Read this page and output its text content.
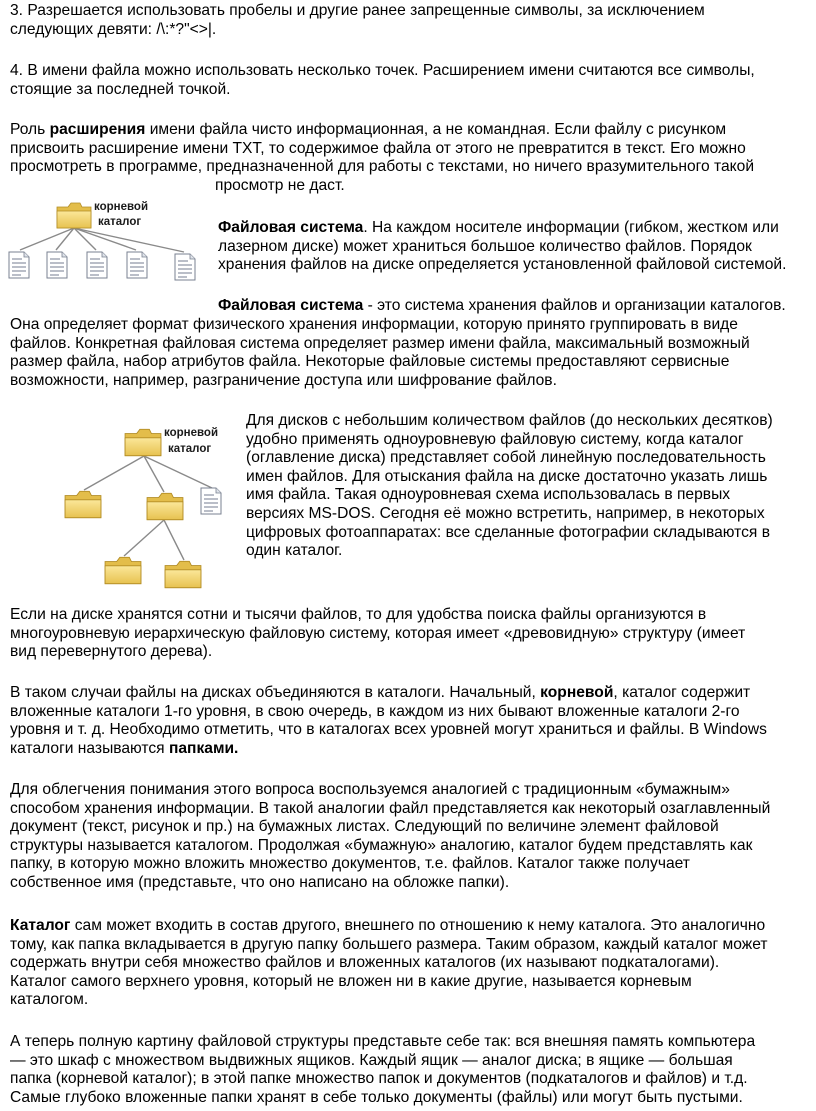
3. Разрешается использовать пробелы и другие ранее запрещенные символы, за исключением
следующих девяти: /\:*?"<>|.

4. В имени файла можно использовать несколько точек. Расширением имени считаются все символы,
стоящие за последней точкой.

Роль расширения имени файла чисто информационная, а не командная. Если файлу с рисунком
присвоить расширение имени TXT, то содержимое файла от этого не превратится в текст. Его можно
просмотреть в программе, предназначенной для работы с текстами, но ничего вразумительного такой

просмотр не даст.

Файловая система. На каждом носителе информации (гибком, жестком или
лазерном диске) может храниться большое количество файлов. Порядок
хранения файлов на диске определяется установленной файловой системой.

Файловая система - это система хранения файлов и организации каталогов.

Она определяет формат физического хранения информации, которую принято группировать в виде
файлов. Конкретная файловая система определяет размер имени файла, максимальный возможный
размер файла, набор атрибутов файла. Некоторые файловые системы предоставляют сервисные
возможности, например, разграничение доступа или шифрование файлов.

Для дисков с небольшим количеством файлов (до нескольких десятков)
удобно применять одноуровневую файловую систему, когда каталог
(оглавление диска) представляет собой линейную последовательность
имен файлов. Для отыскания файла на диске достаточно указать лишь
имя файла. Такая одноуровневая схема использовалась в первых
версиях MS-DOS. Сегодня её можно встретить, например, в некоторых
цифровых фотоаппаратах: все сделанные фотографии складываются в
один каталог.

Если на диске хранятся сотни и тысячи файлов, то для удобства поиска файлы организуются в
многоуровневую иерархическую файловую систему, которая имеет «древовидную» структуру (имеет
вид перевернутого дерева).

В таком случаи файлы на дисках объединяются в каталоги. Начальный, корневой, каталог содержит
вложенные каталоги 1-го уровня, в свою очередь, в каждом из них бывают вложенные каталоги 2-го
уровня и т. д. Необходимо отметить, что в каталогах всех уровней могут храниться и файлы. В Windows
каталоги называются папками.

Для облегчения понимания этого вопроса воспользуемся аналогией с традиционным «бумажным»
способом хранения информации. В такой аналогии файл представляется как некоторый озаглавленный
документ (текст, рисунок и пр.) на бумажных листах. Следующий по величине элемент файловой
структуры называется каталогом. Продолжая «бумажную» аналогию, каталог будем представлять как
папку, в которую можно вложить множество документов, т.е. файлов. Каталог также получает
собственное имя (представьте, что оно написано на обложке папки).

Каталог сам может входить в состав другого, внешнего по отношению к нему каталога. Это аналогично
тому, как папка вкладывается в другую папку большего размера. Таким образом, каждый каталог может
содержать внутри себя множество файлов и вложенных каталогов (их называют подкаталогами).
Каталог самого верхнего уровня, который не вложен ни в какие другие, называется корневым
каталогом.

А теперь полную картину файловой структуры представьте себе так: вся внешняя память компьютера
— это шкаф с множеством выдвижных ящиков. Каждый ящик — аналог диска; в ящике — большая
папка (корневой каталог); в этой папке множество папок и документов (подкаталогов и файлов) и т.д.
Самые глубоко вложенные папки хранят в себе только документы (файлы) или могут быть пустыми.

корневой
каталог
корневой
каталог
